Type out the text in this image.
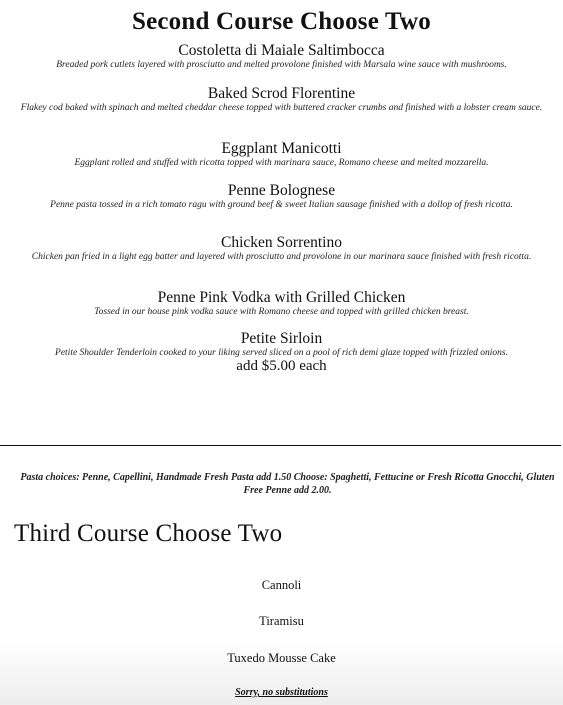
Second Course Choose Two

Costoletta di Maiale Saltimbocca

Breaded pork cutlets layered with prosciutto and melted provolone finished with Marsala wine sauce with mushrooms.

Baked Scrod Florentine

Flakey cod baked with spinach and melted cheddar cheese topped with buttered cracker crumbs and finished with a lobster cream sauce.

Eggplant Manicotti

Eggplant rolled and stuffed with ricotta topped with marinara sauce, Romano cheese and melted mozzarella.

Penne Bolognese

Penne pasta tossed in a rich tomato ragu with ground beef & sweet Italian sausage finished with a dollop of fresh ricotta.

Chicken Sorrentino

Chicken pan fried in a light egg batter and layered with prosciutto and provolone in our marinara sauce finished with fresh ricotta.

Penne Pink Vodka with Grilled Chicken

Tossed in our house pink vodka sauce with Romano cheese and topped with grilled chicken breast.

Petite Sirloin

Petite Shoulder Tenderloin cooked to your liking served sliced on a pool of rich demi glaze topped with frizzled onions.

add $5.00 each

Pasta choices: Penne, Capellini, Handmade Fresh Pasta add 1.50 Choose: Spaghetti, Fettucine or Fresh Ricotta Gnocchi, Gluten Free Penne add 2.00.
Third Course Choose Two
Cannoli
Tiramisu
Tuxedo Mousse Cake
Sorry, no substitutions
